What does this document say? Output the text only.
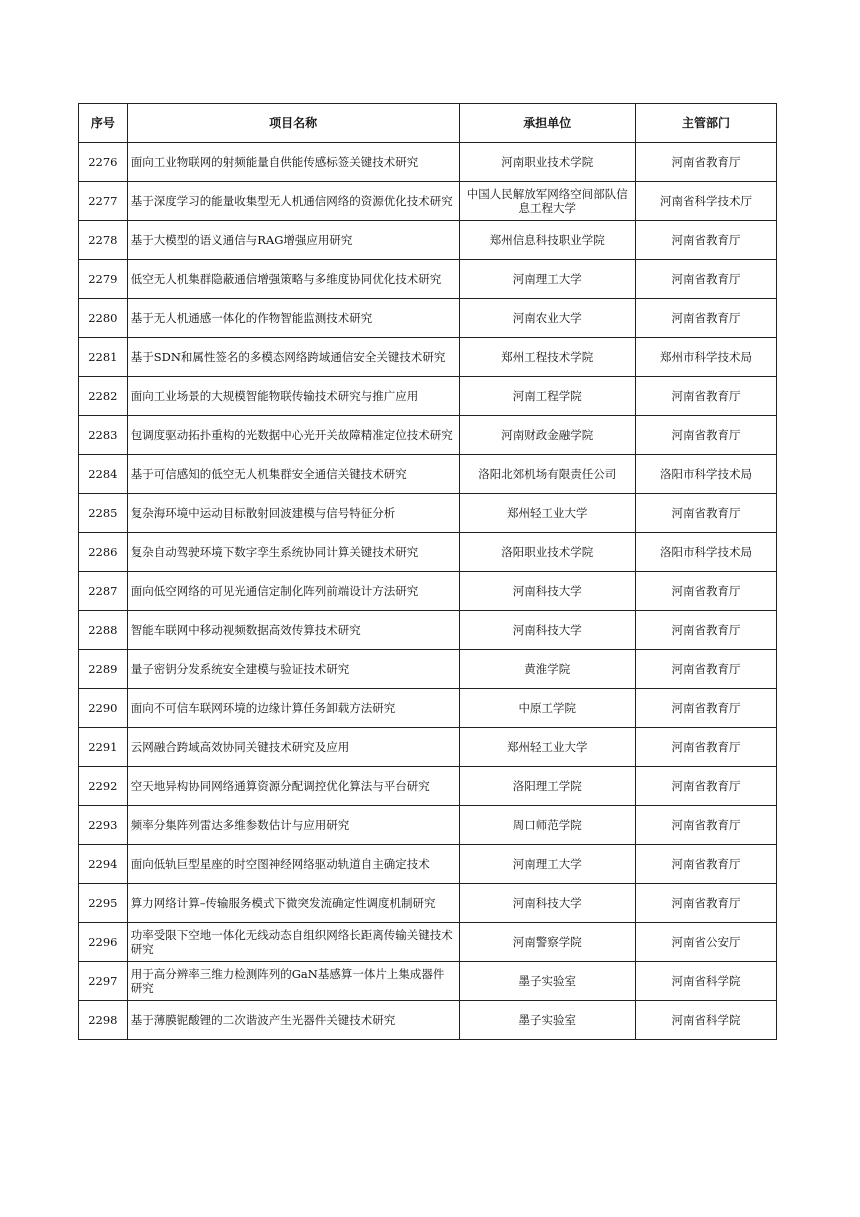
序号	项目名称	承担单位	主管部门
2276	面向工业物联网的射频能量自供能传感标签关键技术研究	河南职业技术学院	河南省教育厅
2277	基于深度学习的能量收集型无人机通信网络的资源优化技术研究	中国人民解放军网络空间部队信息工程大学	河南省科学技术厅
2278	基于大模型的语义通信与RAG增强应用研究	郑州信息科技职业学院	河南省教育厅
2279	低空无人机集群隐蔽通信增强策略与多维度协同优化技术研究	河南理工大学	河南省教育厅
2280	基于无人机通感一体化的作物智能监测技术研究	河南农业大学	河南省教育厅
2281	基于SDN和属性签名的多模态网络跨域通信安全关键技术研究	郑州工程技术学院	郑州市科学技术局
2282	面向工业场景的大规模智能物联传输技术研究与推广应用	河南工程学院	河南省教育厅
2283	包调度驱动拓扑重构的光数据中心光开关故障精准定位技术研究	河南财政金融学院	河南省教育厅
2284	基于可信感知的低空无人机集群安全通信关键技术研究	洛阳北郊机场有限责任公司	洛阳市科学技术局
2285	复杂海环境中运动目标散射回波建模与信号特征分析	郑州轻工业大学	河南省教育厅
2286	复杂自动驾驶环境下数字孪生系统协同计算关键技术研究	洛阳职业技术学院	洛阳市科学技术局
2287	面向低空网络的可见光通信定制化阵列前端设计方法研究	河南科技大学	河南省教育厅
2288	智能车联网中移动视频数据高效传算技术研究	河南科技大学	河南省教育厅
2289	量子密钥分发系统安全建模与验证技术研究	黄淮学院	河南省教育厅
2290	面向不可信车联网环境的边缘计算任务卸载方法研究	中原工学院	河南省教育厅
2291	云网融合跨域高效协同关键技术研究及应用	郑州轻工业大学	河南省教育厅
2292	空天地异构协同网络通算资源分配调控优化算法与平台研究	洛阳理工学院	河南省教育厅
2293	频率分集阵列雷达多维参数估计与应用研究	周口师范学院	河南省教育厅
2294	面向低轨巨型星座的时空图神经网络驱动轨道自主确定技术	河南理工大学	河南省教育厅
2295	算力网络计算–传输服务模式下微突发流确定性调度机制研究	河南科技大学	河南省教育厅
2296	功率受限下空地一体化无线动态自组织网络长距离传输关键技术研究	河南警察学院	河南省公安厅
2297	用于高分辨率三维力检测阵列的GaN基感算一体片上集成器件研究	墨子实验室	河南省科学院
2298	基于薄膜铌酸锂的二次谐波产生光器件关键技术研究	墨子实验室	河南省科学院
